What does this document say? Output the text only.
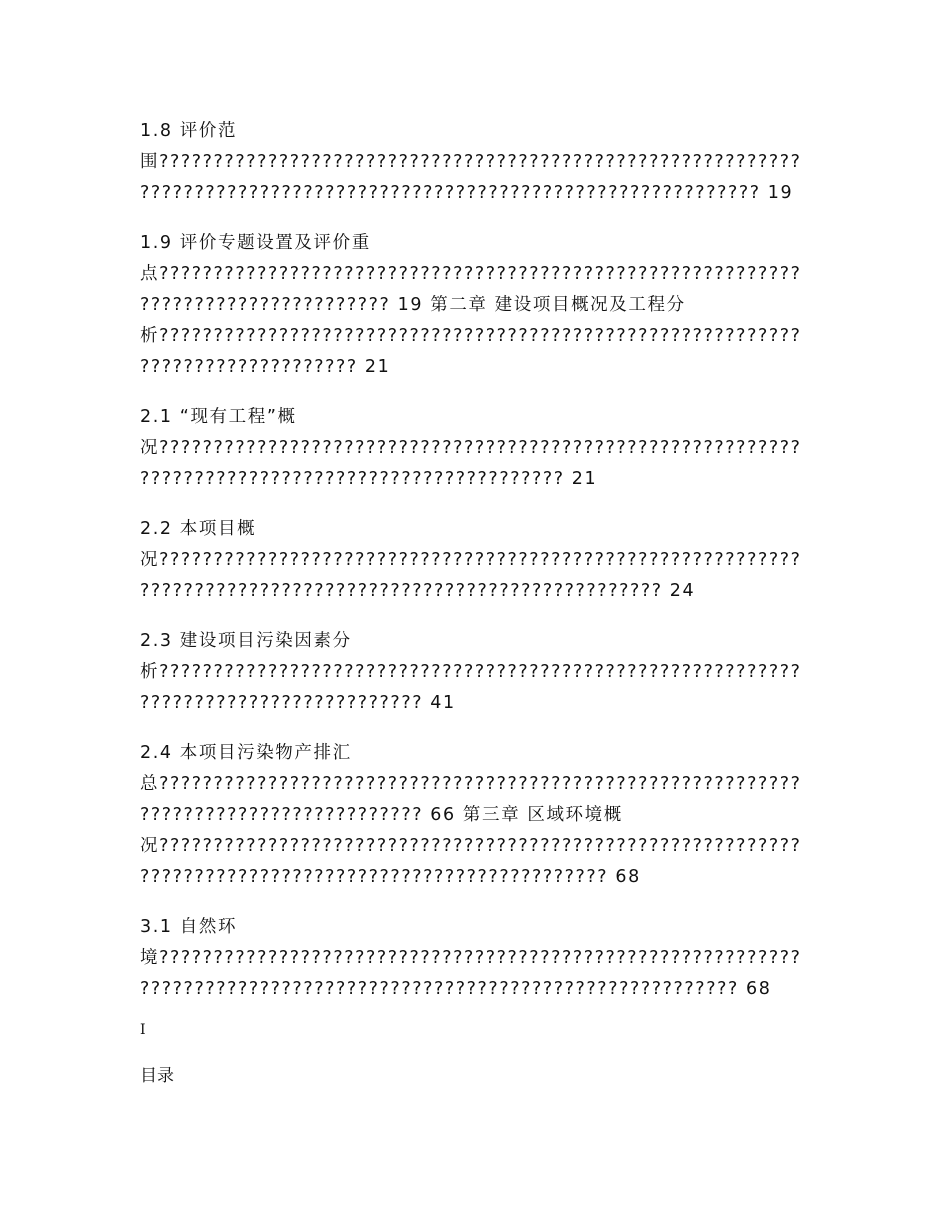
1.8 评价范围???????????????????????????????????????????????????????????????????????????????????????????????????????????????????? 19

1.9 评价专题设置及评价重点?????????????????????????????????????????????????????????????????????????????????? 19 第二章 建设项目概况及工程分析??????????????????????????????????????????????????????????????????????????????? 21

2.1 “现有工程”概况?????????????????????????????????????????????????????????????????????????????????????????????????? 21

2.2 本项目概况??????????????????????????????????????????????????????????????????????????????????????????????????????????? 24

2.3 建设项目污染因素分析????????????????????????????????????????????????????????????????????????????????????? 41

2.4 本项目污染物产排汇总????????????????????????????????????????????????????????????????????????????????????? 66 第三章 区域环境概况?????????????????????????????????????????????????????????????????????????????????????????????????????? 68

3.1 自然环境?????????????????????????????????????????????????????????????????????????????????????????????????????????????????? 68

I
目录
